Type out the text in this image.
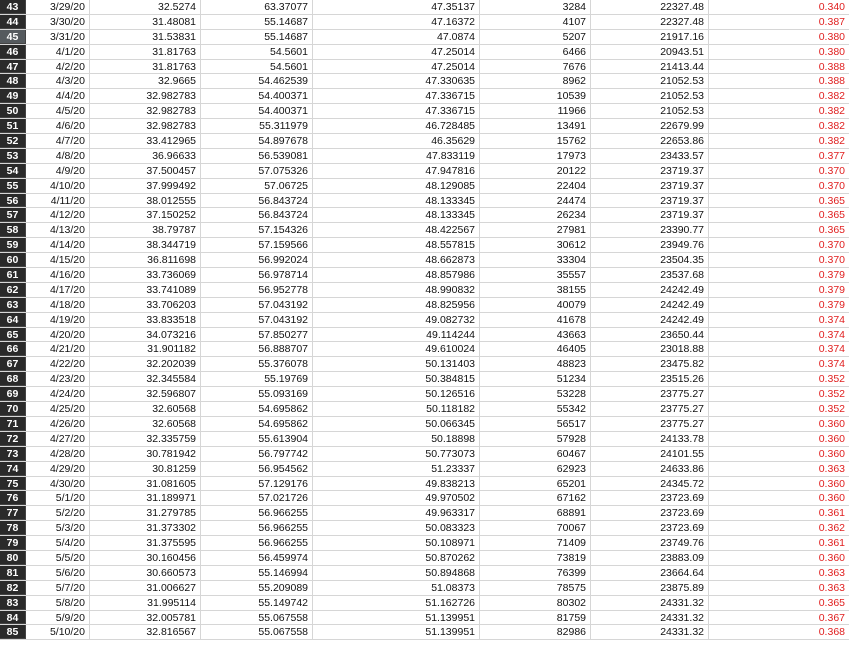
43	3/29/20	32.5274	63.37077	47.35137	3284	22327.48	0.340
44	3/30/20	31.48081	55.14687	47.16372	4107	22327.48	0.387
45	3/31/20	31.53831	55.14687	47.0874	5207	21917.16	0.380
46	4/1/20	31.81763	54.5601	47.25014	6466	20943.51	0.380
47	4/2/20	31.81763	54.5601	47.25014	7676	21413.44	0.388
48	4/3/20	32.9665	54.462539	47.330635	8962	21052.53	0.388
49	4/4/20	32.982783	54.400371	47.336715	10539	21052.53	0.382
50	4/5/20	32.982783	54.400371	47.336715	11966	21052.53	0.382
51	4/6/20	32.982783	55.311979	46.728485	13491	22679.99	0.382
52	4/7/20	33.412965	54.897678	46.35629	15762	22653.86	0.382
53	4/8/20	36.96633	56.539081	47.833119	17973	23433.57	0.377
54	4/9/20	37.500457	57.075326	47.947816	20122	23719.37	0.370
55	4/10/20	37.999492	57.06725	48.129085	22404	23719.37	0.370
56	4/11/20	38.012555	56.843724	48.133345	24474	23719.37	0.365
57	4/12/20	37.150252	56.843724	48.133345	26234	23719.37	0.365
58	4/13/20	38.79787	57.154326	48.422567	27981	23390.77	0.365
59	4/14/20	38.344719	57.159566	48.557815	30612	23949.76	0.370
60	4/15/20	36.811698	56.992024	48.662873	33304	23504.35	0.370
61	4/16/20	33.736069	56.978714	48.857986	35557	23537.68	0.379
62	4/17/20	33.741089	56.952778	48.990832	38155	24242.49	0.379
63	4/18/20	33.706203	57.043192	48.825956	40079	24242.49	0.379
64	4/19/20	33.833518	57.043192	49.082732	41678	24242.49	0.374
65	4/20/20	34.073216	57.850277	49.114244	43663	23650.44	0.374
66	4/21/20	31.901182	56.888707	49.610024	46405	23018.88	0.374
67	4/22/20	32.202039	55.376078	50.131403	48823	23475.82	0.374
68	4/23/20	32.345584	55.19769	50.384815	51234	23515.26	0.352
69	4/24/20	32.596807	55.093169	50.126516	53228	23775.27	0.352
70	4/25/20	32.60568	54.695862	50.118182	55342	23775.27	0.352
71	4/26/20	32.60568	54.695862	50.066345	56517	23775.27	0.360
72	4/27/20	32.335759	55.613904	50.18898	57928	24133.78	0.360
73	4/28/20	30.781942	56.797742	50.773073	60467	24101.55	0.360
74	4/29/20	30.81259	56.954562	51.23337	62923	24633.86	0.363
75	4/30/20	31.081605	57.129176	49.838213	65201	24345.72	0.360
76	5/1/20	31.189971	57.021726	49.970502	67162	23723.69	0.360
77	5/2/20	31.279785	56.966255	49.963317	68891	23723.69	0.361
78	5/3/20	31.373302	56.966255	50.083323	70067	23723.69	0.362
79	5/4/20	31.375595	56.966255	50.108971	71409	23749.76	0.361
80	5/5/20	30.160456	56.459974	50.870262	73819	23883.09	0.360
81	5/6/20	30.660573	55.146994	50.894868	76399	23664.64	0.363
82	5/7/20	31.006627	55.209089	51.08373	78575	23875.89	0.363
83	5/8/20	31.995114	55.149742	51.162726	80302	24331.32	0.365
84	5/9/20	32.005781	55.067558	51.139951	81759	24331.32	0.367
85	5/10/20	32.816567	55.067558	51.139951	82986	24331.32	0.368
